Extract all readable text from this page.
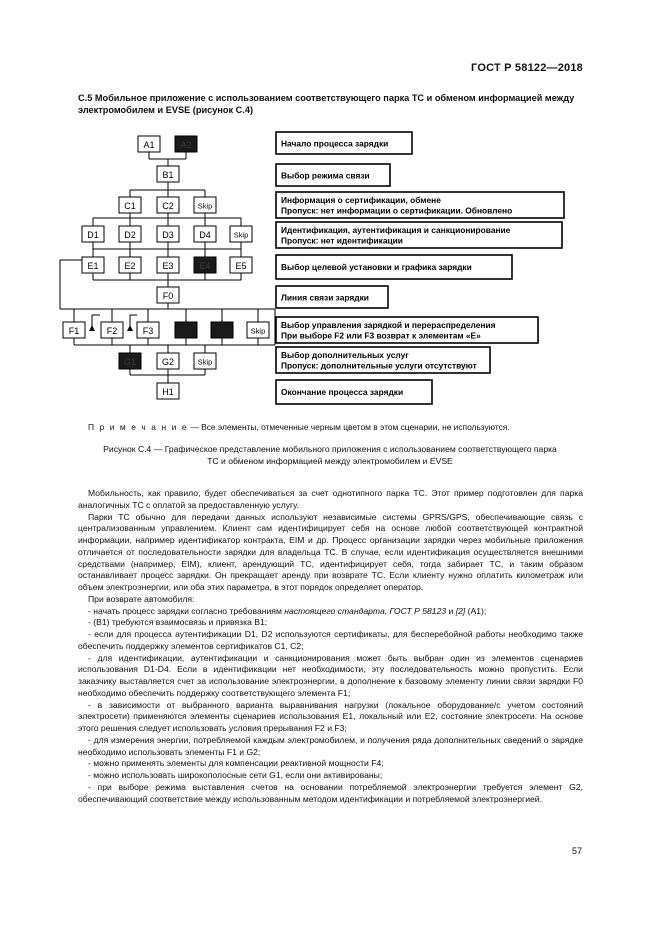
ГОСТ Р 58122—2018
С.5 Мобильное приложение с использованием соответствующего парка ТС и обменом информацией между электромобилем и EVSE (рисунок С.4)
A1	A2
B1
C1	C2	Skip
D1	D2	D3	D4	Skip
E1	E2	E3	E4	E5
F0
F1	F2	F3	Skip
G1	G2	Skip
H1
Начало процесса зарядки
Выбор режима связи
Информация о сертификации, обмене
Пропуск: нет информации о сертификации. Обновлено
Идентификация, аутентификация и санкционирование
Пропуск: нет идентификации
Выбор целевой установки и графика зарядки
Линия связи зарядки
Выбор управления зарядкой и перераспределения
При выборе F2 или F3 возврат к элементам «E»
Выбор дополнительных услуг
Пропуск: дополнительные услуги отсутствуют
Окончание процесса зарядки
П р и м е ч а н и е — Все элементы, отмеченные черным цветом в этом сценарии, не используются.
Рисунок С.4 — Графическое представление мобильного приложения с использованием соответствующего парка
ТС и обменом информацией между электромобилем и EVSE

Мобильность, как правило, будет обеспечиваться за счет однотипного парка ТС. Этот пример подготовлен для парка аналогичных ТС с оплатой за предоставленную услугу.

Парки ТС обычно для передачи данных используют независимые системы GPRS/GPS, обеспечивающие связь с централизованным управлением. Клиент сам идентифицирует себя на основе любой соответствующей контрактной информации, например идентификатор контракта, EIM и др. Процесс организации зарядки через мобильные приложения отличается от последовательности зарядки для владельца ТС. В случае, если идентификация осуществляется внешними средствами (например, EIM), клиент, арендующий ТС, идентифицирует себя, тогда забирает ТС, и таким образом останавливает процесс зарядки. Он прекращает аренду при возврате ТС. Если клиенту нужно оплатить километраж или объем электроэнергии, или оба этих параметра, в этот порядок определяет оператор.

При возврате автомобиля:

- начать процесс зарядки согласно требованиям настоящего стандарта, ГОСТ Р 58123 и [2] (A1);

- (B1) требуются взаимосвязь и привязка B1;

- если для процесса аутентификации D1, D2 используются сертификаты, для бесперебойной работы необходимо также обеспечить поддержку элементов сертификатов С1, С2;

- для идентификации, аутентификации и санкционирования может быть выбран один из элементов сценариев использования D1-D4. Если в идентификации нет необходимости, эту последовательность можно пропустить. Если заказчику выставляется счет за использование электроэнергии, в дополнение к базовому элементу линии связи зарядки F0 необходимо обеспечить поддержку соответствующего элемента F1;

- в зависимости от выбранного варианта выравнивания нагрузки (локальное оборудование/с учетом состояний электросети) применяются элементы сценариев использования E1, локальный или E2, состояние электросети. На основе этого решения следует использовать условия прерывания F2 и F3;

- для измерения энергии, потребляемой каждым электромобилем, и получения ряда дополнительных сведений о зарядке необходимо использовать элементы F1 и G2;

- можно применять элементы для компенсации реактивной мощности F4;

- можно использовать широкополосные сети G1, если они активированы;

- при выборе режима выставления счетов на основании потребляемой электроэнергии требуется элемент G2, обеспечивающий соответствие между использованным методом идентификации и потребляемой электроэнергией.

57
